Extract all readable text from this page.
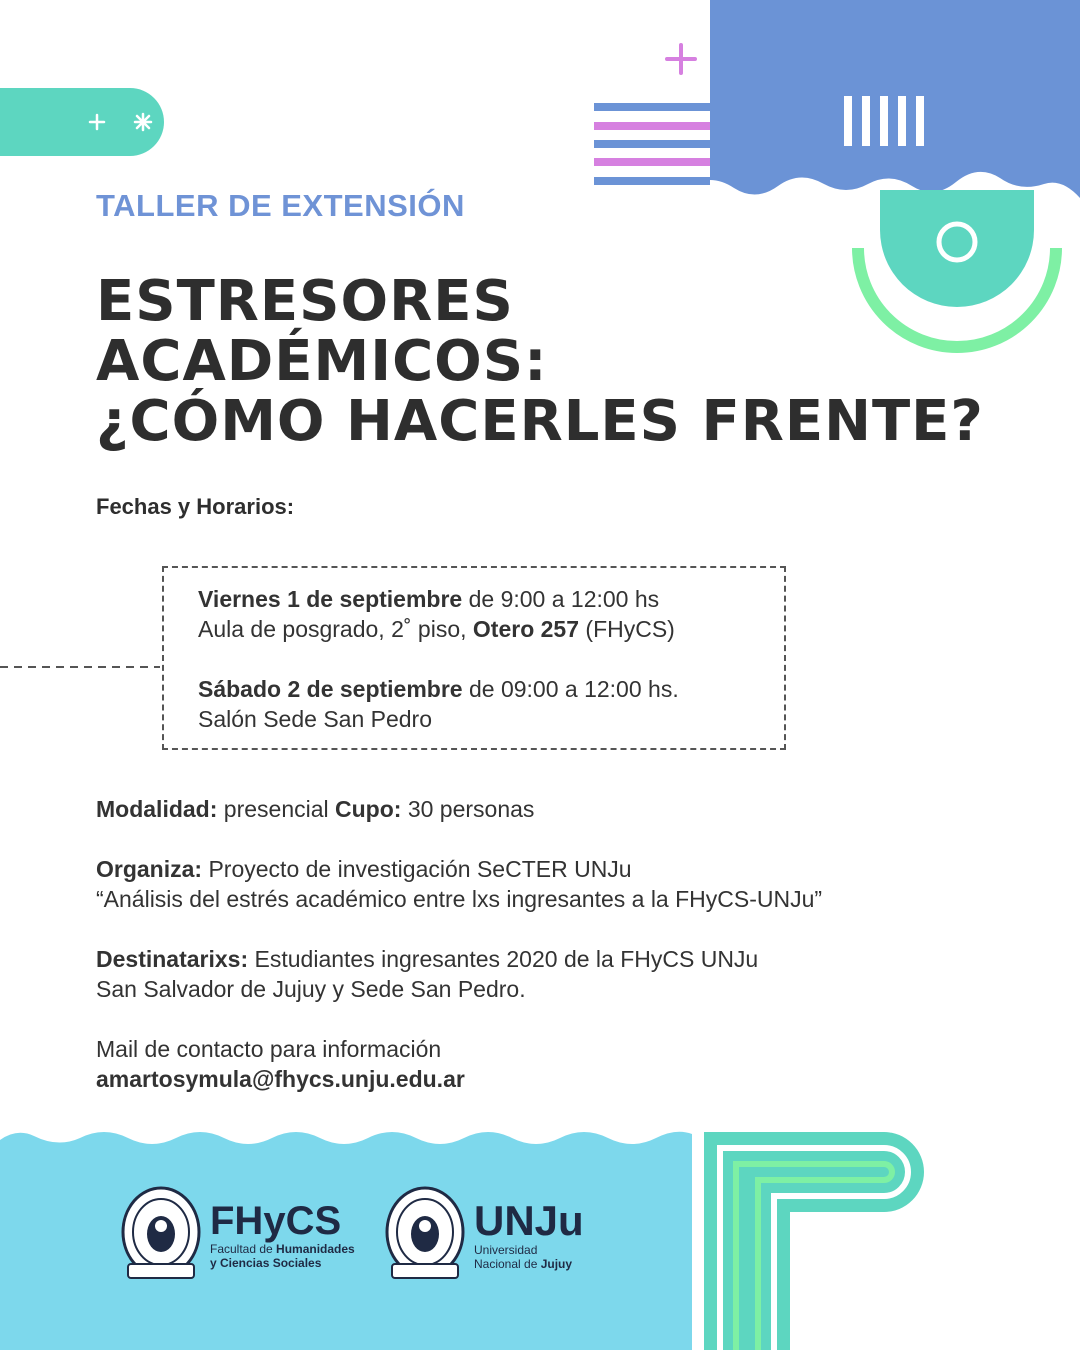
TALLER DE EXTENSIÓN
ESTRESORES
ACADÉMICOS:
¿CÓMO HACERLES FRENTE?

Fechas y Horarios:

Viernes 1 de septiembre de 9:00 a 12:00 hs

Aula de posgrado, 2˚ piso, Otero 257 (FHyCS)

Sábado 2 de septiembre de 09:00 a 12:00 hs.

Salón Sede San Pedro

Modalidad: presencial Cupo: 30 personas

Organiza: Proyecto de investigación SeCTER UNJu

“Análisis del estrés académico entre lxs ingresantes a la FHyCS-UNJu”

Destinatarixs: Estudiantes ingresantes 2020 de la FHyCS UNJu

San Salvador de Jujuy y Sede San Pedro.

Mail de contacto para información

amartosymula@fhycs.unju.edu.ar

FHyCS
Facultad de Humanidades
y Ciencias Sociales
UNJu
Universidad
Nacional de Jujuy
